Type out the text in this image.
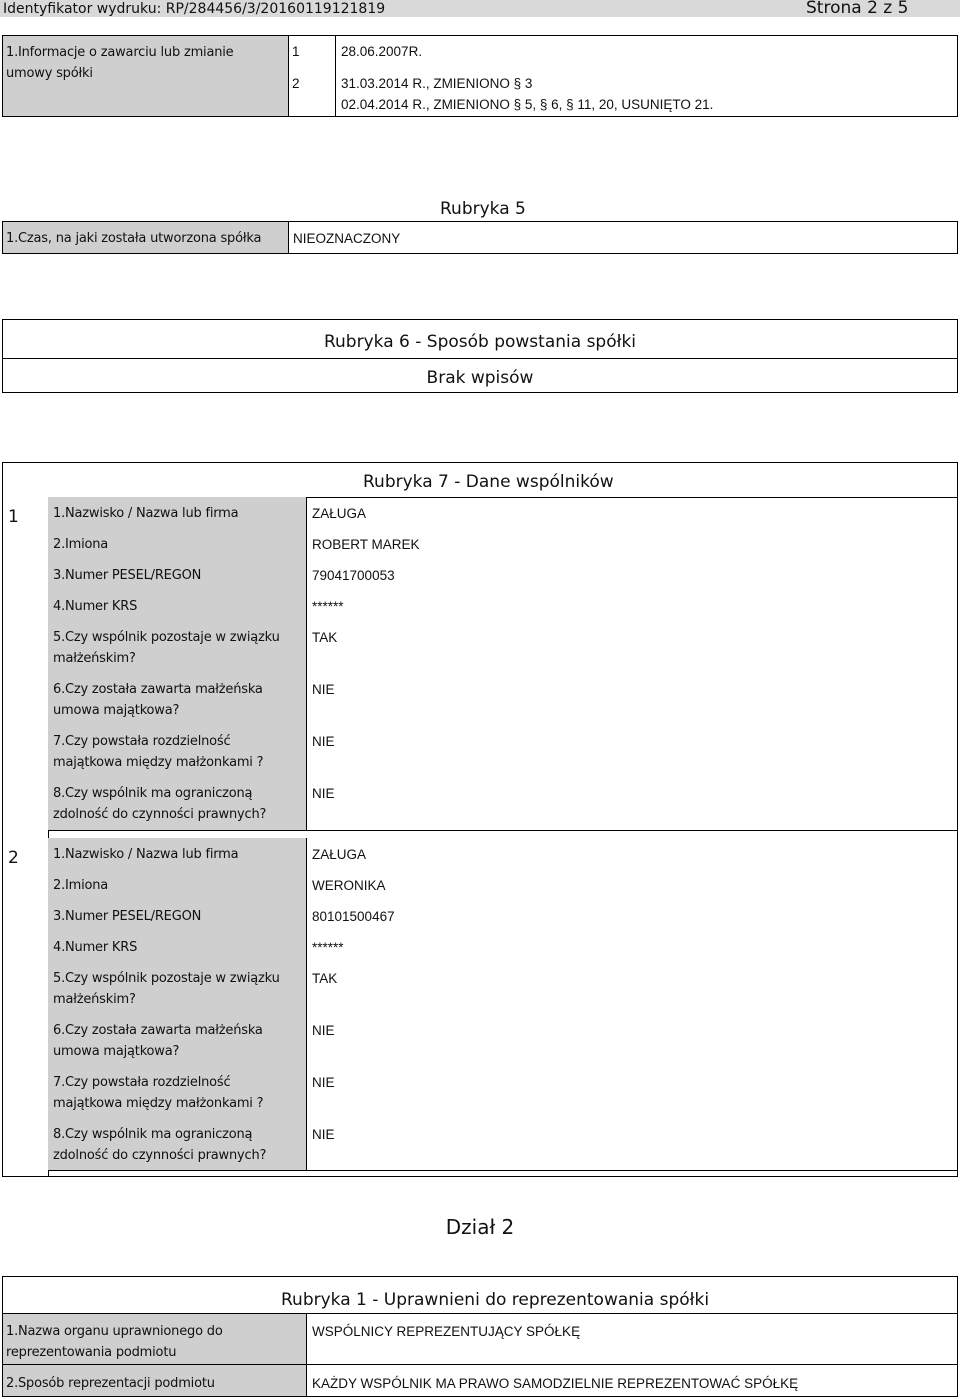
Identyfikator wydruku: RP/284456/3/20160119121819	Strona 2 z 5
1.Informacje o zawarciu lub zmianie
umowy spółki
1	28.06.2007R.
2	31.03.2014 R., ZMIENIONO § 3
02.04.2014 R., ZMIENIONO § 5, § 6, § 11, 20, USUNIĘTO 21.
Rubryka 5
1.Czas, na jaki została utworzona spółka NIEOZNACZONY
Rubryka 6 - Sposób powstania spółki
Brak wpisów
Rubryka 7 - Dane wspólników
1	1.Nazwisko / Nazwa lub firma	ZAŁUGA
2.Imiona	ROBERT MAREK
3.Numer PESEL/REGON	79041700053
4.Numer KRS	******
5.Czy wspólnik pozostaje w związku
małżeńskim?
TAK
6.Czy została zawarta małżeńska
umowa majątkowa?
NIE
7.Czy powstała rozdzielność
majątkowa między małżonkami ?
NIE
8.Czy wspólnik ma ograniczoną
zdolność do czynności prawnych?
NIE
2	1.Nazwisko / Nazwa lub firma	ZAŁUGA
2.Imiona	WERONIKA
3.Numer PESEL/REGON	80101500467
4.Numer KRS	******
5.Czy wspólnik pozostaje w związku
małżeńskim?
TAK
6.Czy została zawarta małżeńska
umowa majątkowa?
NIE
7.Czy powstała rozdzielność
majątkowa między małżonkami ?
NIE
8.Czy wspólnik ma ograniczoną
zdolność do czynności prawnych?
NIE
Dział 2
Rubryka 1 - Uprawnieni do reprezentowania spółki
1.Nazwa organu uprawnionego do
reprezentowania podmiotu
WSPÓLNICY REPREZENTUJĄCY SPÓŁKĘ
2.Sposób reprezentacji podmiotu	KAŻDY WSPÓLNIK MA PRAWO SAMODZIELNIE REPREZENTOWAĆ SPÓŁKĘ
